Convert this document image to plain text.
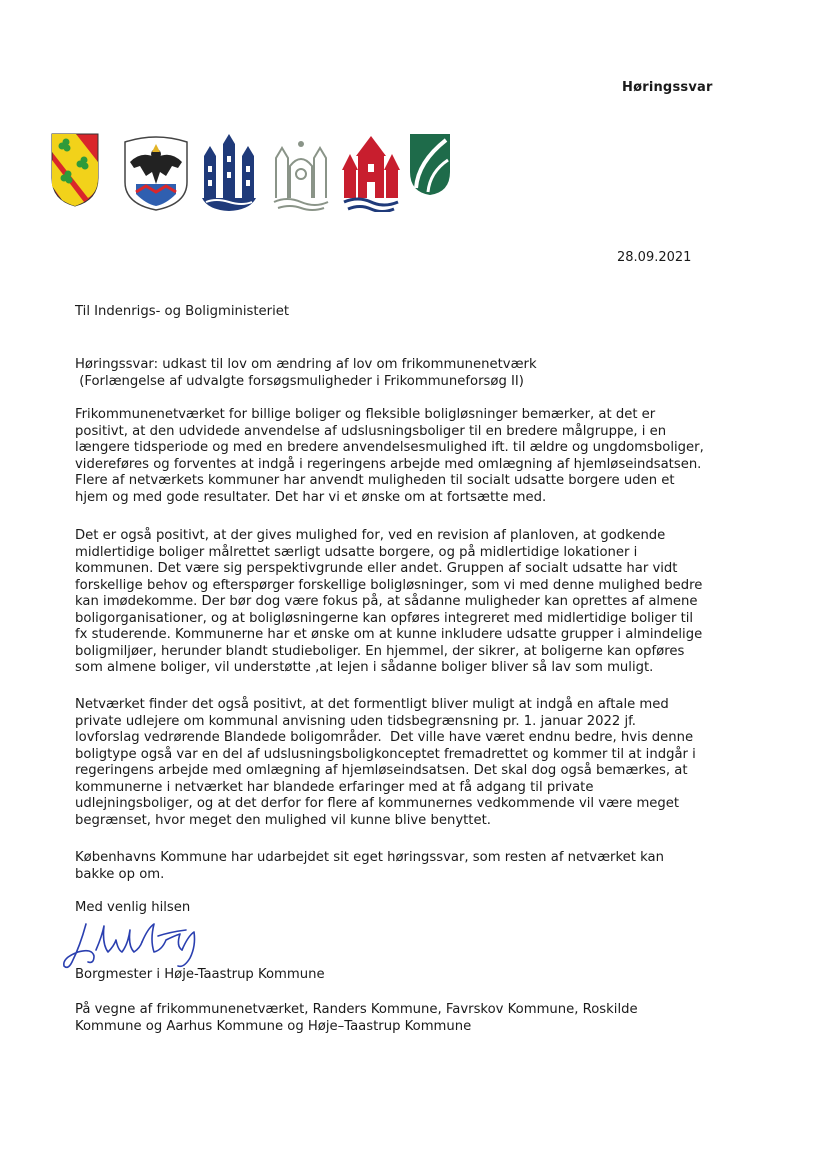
Høringssvar
28.09.2021
Til Indenrigs- og Boligministeriet
Høringssvar: udkast til lov om ændring af lov om frikommunenetværk
(Forlængelse af udvalgte forsøgsmuligheder i Frikommuneforsøg II)
Frikommunenetværket for billige boliger og fleksible boligløsninger bemærker, at det er
positivt, at den udvidede anvendelse af udslusningsboliger til en bredere målgruppe, i en
længere tidsperiode og med en bredere anvendelsesmulighed ift. til ældre og ungdomsboliger,
videreføres og forventes at indgå i regeringens arbejde med omlægning af hjemløseindsatsen.
Flere af netværkets kommuner har anvendt muligheden til socialt udsatte borgere uden et
hjem og med gode resultater. Det har vi et ønske om at fortsætte med.
Det er også positivt, at der gives mulighed for, ved en revision af planloven, at godkende
midlertidige boliger målrettet særligt udsatte borgere, og på midlertidige lokationer i
kommunen. Det være sig perspektivgrunde eller andet. Gruppen af socialt udsatte har vidt
forskellige behov og efterspørger forskellige boligløsninger, som vi med denne mulighed bedre
kan imødekomme. Der bør dog være fokus på, at sådanne muligheder kan oprettes af almene
boligorganisationer, og at boligløsningerne kan opføres integreret med midlertidige boliger til
fx studerende. Kommunerne har et ønske om at kunne inkludere udsatte grupper i almindelige
boligmiljøer, herunder blandt studieboliger. En hjemmel, der sikrer, at boligerne kan opføres
som almene boliger, vil understøtte ,at lejen i sådanne boliger bliver så lav som muligt.
Netværket finder det også positivt, at det formentligt bliver muligt at indgå en aftale med
private udlejere om kommunal anvisning uden tidsbegrænsning pr. 1. januar 2022 jf.
lovforslag vedrørende Blandede boligområder.  Det ville have været endnu bedre, hvis denne
boligtype også var en del af udslusningsboligkonceptet fremadrettet og kommer til at indgår i
regeringens arbejde med omlægning af hjemløseindsatsen. Det skal dog også bemærkes, at
kommunerne i netværket har blandede erfaringer med at få adgang til private
udlejningsboliger, og at det derfor for flere af kommunernes vedkommende vil være meget
begrænset, hvor meget den mulighed vil kunne blive benyttet.
Københavns Kommune har udarbejdet sit eget høringssvar, som resten af netværket kan
bakke op om.
Med venlig hilsen
Borgmester i Høje-Taastrup Kommune
På vegne af frikommunenetværket, Randers Kommune, Favrskov Kommune, Roskilde
Kommune og Aarhus Kommune og Høje–Taastrup Kommune
